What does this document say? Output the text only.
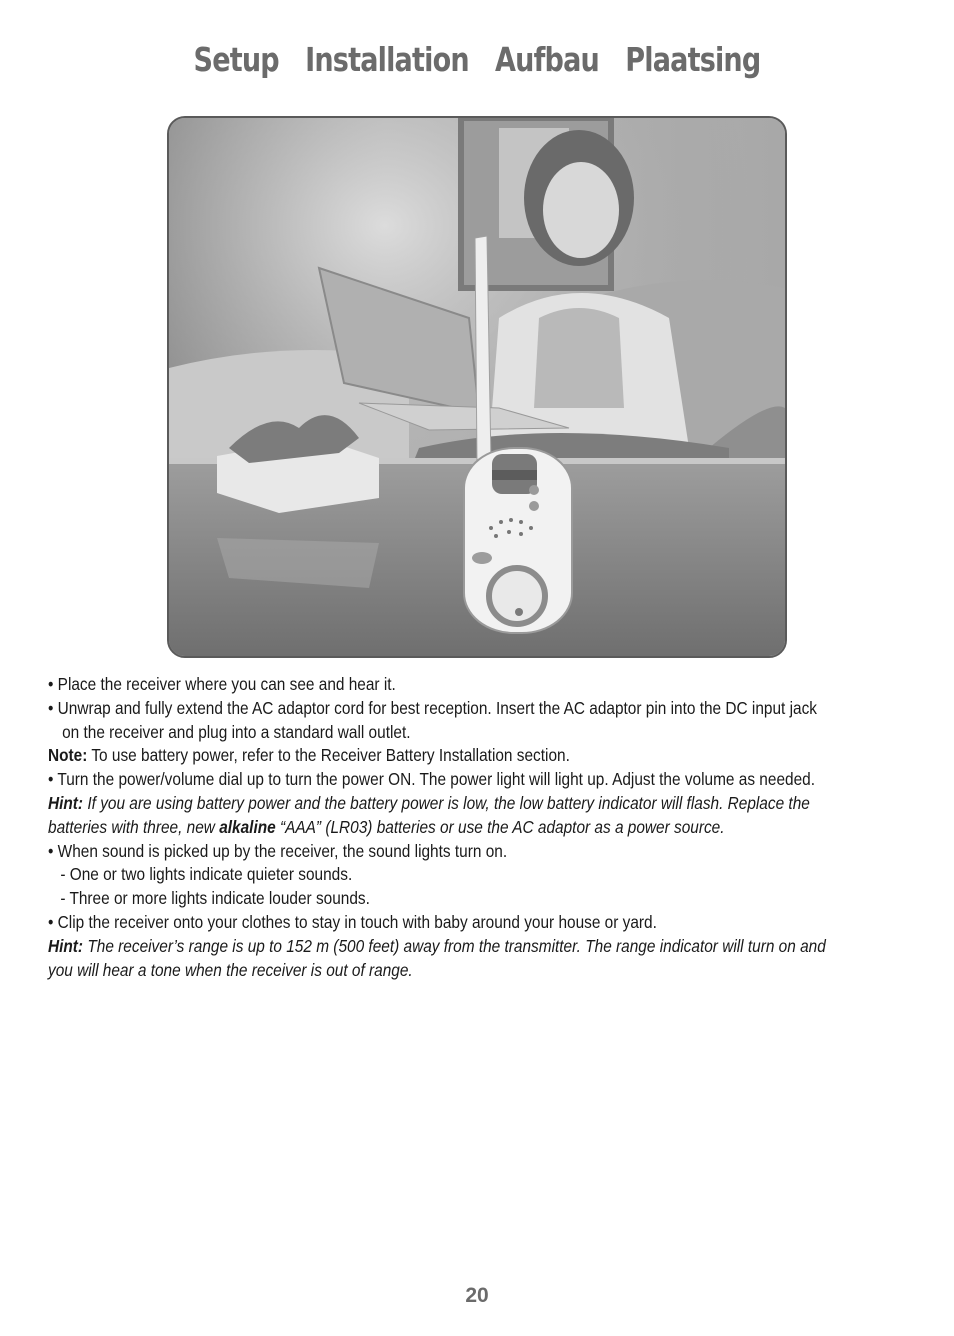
Setup Installation Aufbau Plaatsing

• Place the receiver where you can see and hear it.

• Unwrap and fully extend the AC adaptor cord for best reception. Insert the AC adaptor pin into the DC input jack

on the receiver and plug into a standard wall outlet.

Note: To use battery power, refer to the Receiver Battery Installation section.

• Turn the power/volume dial up to turn the power ON. The power light will light up. Adjust the volume as needed.

Hint: If you are using battery power and the battery power is low, the low battery indicator will flash. Replace the

batteries with three, new alkaline “AAA” (LR03) batteries or use the AC adaptor as a power source.

• When sound is picked up by the receiver, the sound lights turn on.

- One or two lights indicate quieter sounds.

- Three or more lights indicate louder sounds.

• Clip the receiver onto your clothes to stay in touch with baby around your house or yard.

Hint: The receiver’s range is up to 152 m (500 feet) away from the transmitter. The range indicator will turn on and

you will hear a tone when the receiver is out of range.

20
